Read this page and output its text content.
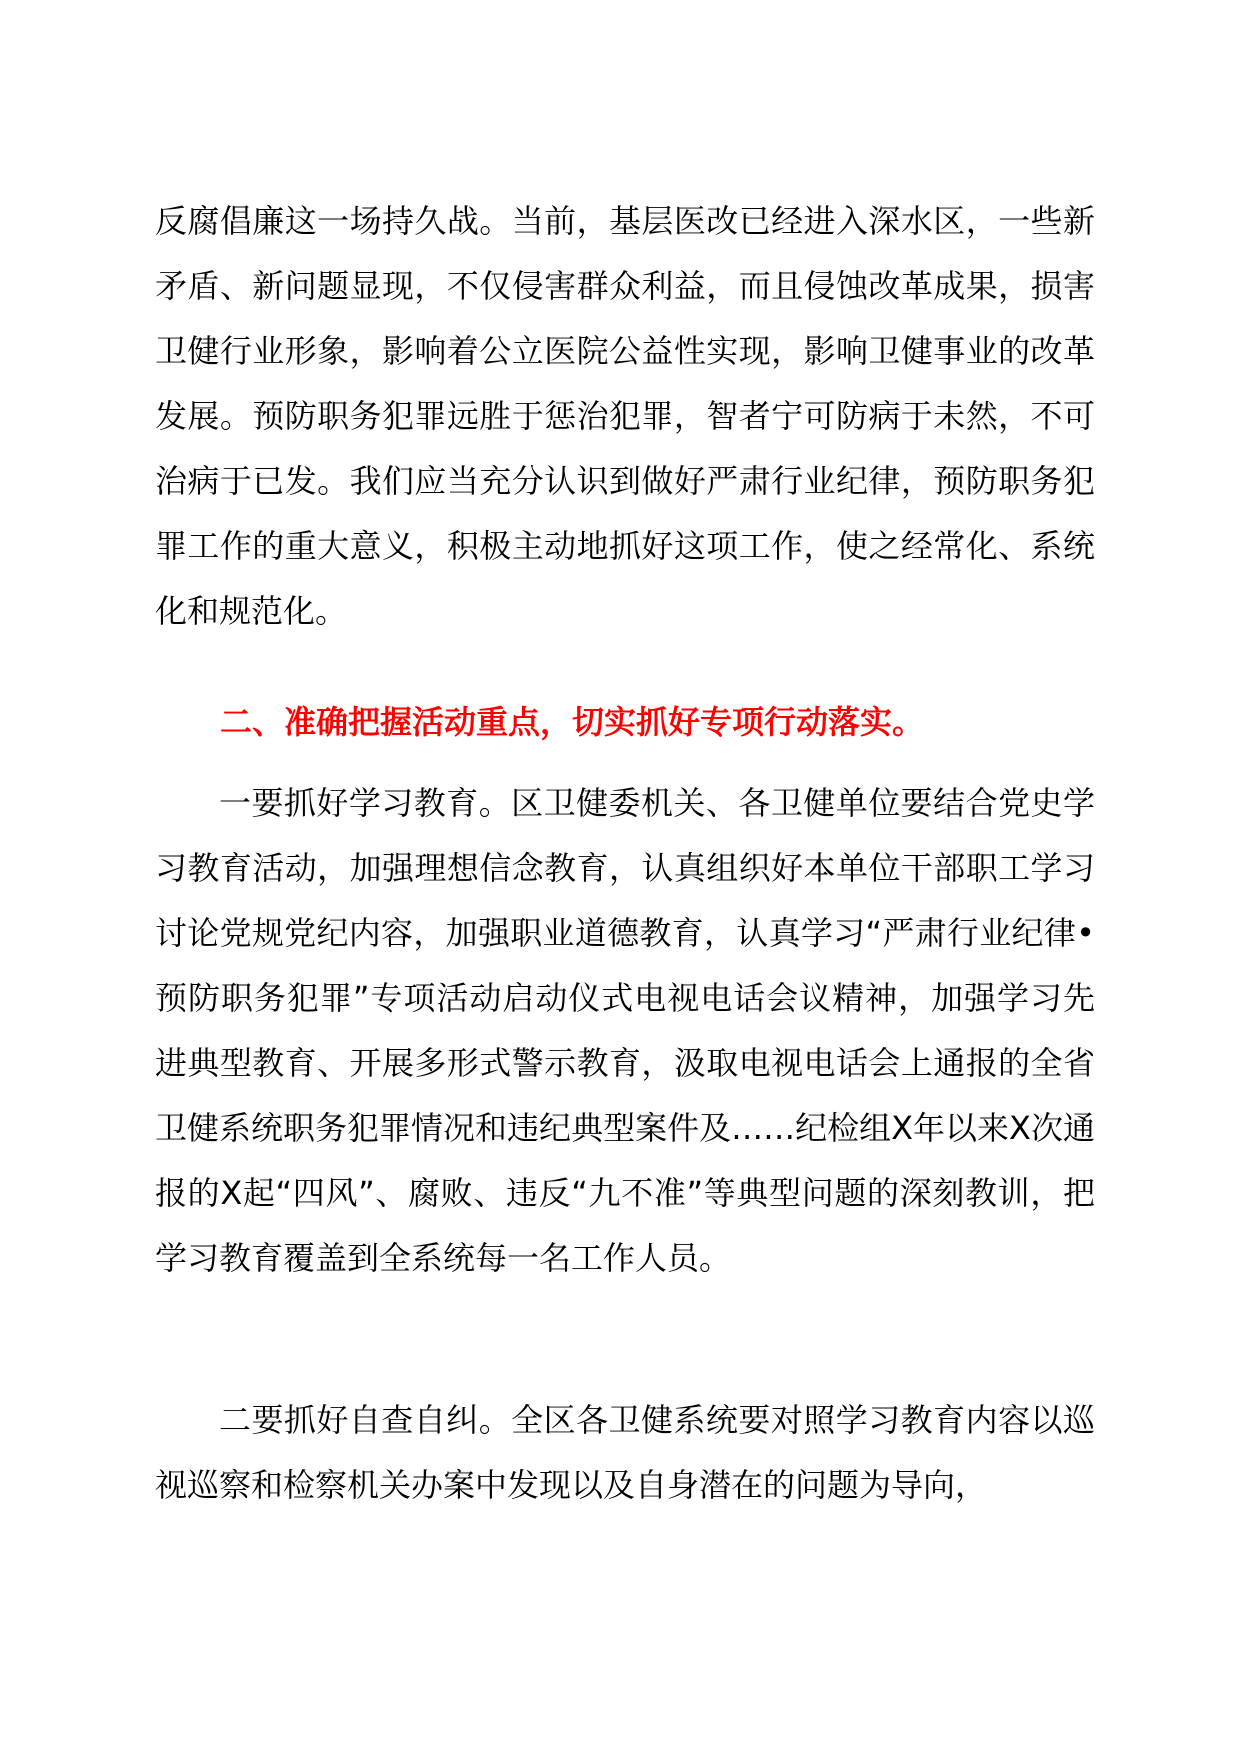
反腐倡廉这一场持久战。当前，基层医改已经进入深水区，一些新矛盾、新问题显现，不仅侵害群众利益，而且侵蚀改革成果，损害卫健行业形象，影响着公立医院公益性实现，影响卫健事业的改革发展。预防职务犯罪远胜于惩治犯罪，智者宁可防病于未然，不可治病于已发。我们应当充分认识到做好严肃行业纪律，预防职务犯罪工作的重大意义，积极主动地抓好这项工作，使之经常化、系统化和规范化。
二、准确把握活动重点，切实抓好专项行动落实。
一要抓好学习教育。区卫健委机关、各卫健单位要结合党史学习教育活动，加强理想信念教育，认真组织好本单位干部职工学习讨论党规党纪内容，加强职业道德教育，认真学习“严肃行业纪律•预防职务犯罪”专项活动启动仪式电视电话会议精神，加强学习先进典型教育、开展多形式警示教育，汲取电视电话会上通报的全省卫健系统职务犯罪情况和违纪典型案件及……纪检组X年以来X次通报的X起“四风”、腐败、违反“九不准”等典型问题的深刻教训，把学习教育覆盖到全系统每一名工作人员。
二要抓好自查自纠。全区各卫健系统要对照学习教育内容以巡视巡察和检察机关办案中发现以及自身潜在的问题为导向，
